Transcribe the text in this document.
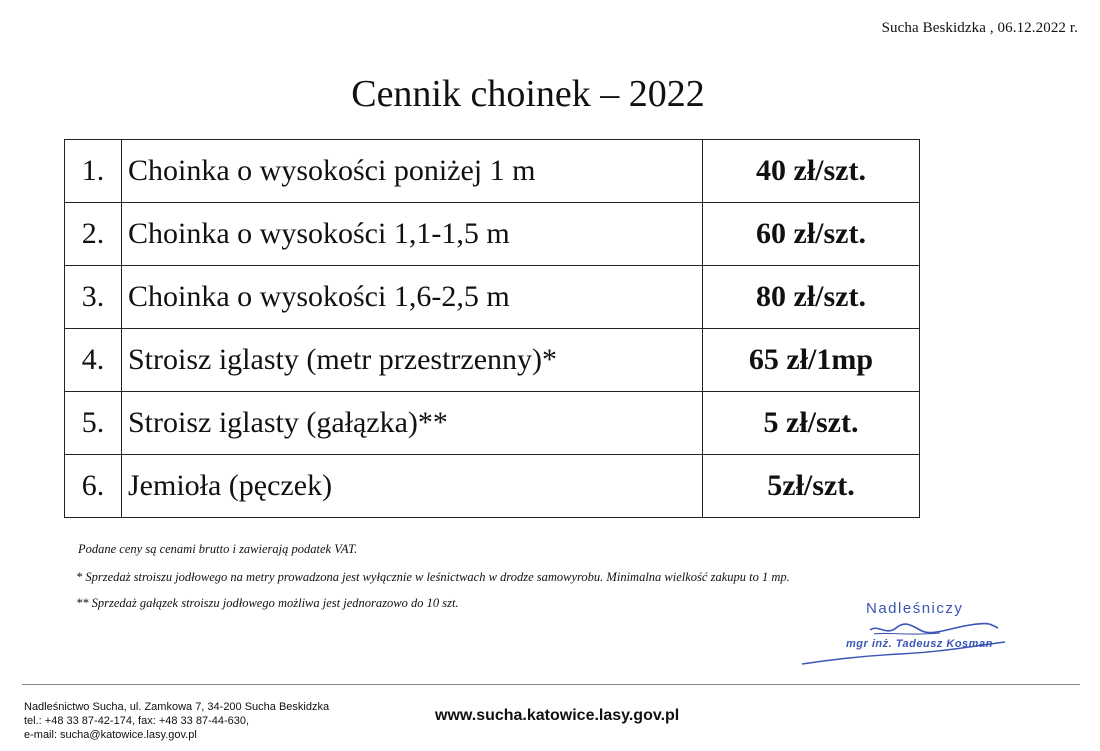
Sucha Beskidzka , 06.12.2022 r.
Cennik choinek – 2022
1.	Choinka o wysokości poniżej 1 m	40 zł/szt.
2.	Choinka o wysokości 1,1-1,5 m	60 zł/szt.
3.	Choinka o wysokości 1,6-2,5 m	80 zł/szt.
4.	Stroisz iglasty (metr przestrzenny)*	65 zł/1mp
5.	Stroisz iglasty (gałązka)**	5 zł/szt.
6.	Jemioła (pęczek)	5zł/szt.
Podane ceny są cenami brutto i zawierają podatek VAT.
* Sprzedaż stroiszu jodłowego na metry prowadzona jest wyłącznie w leśnictwach w drodze samowyrobu. Minimalna wielkość zakupu to 1 mp.
** Sprzedaż gałązek stroiszu jodłowego możliwa jest jednorazowo do 10 szt.	Nadleśniczy
mgr inż. Tadeusz Kosman
Nadleśnictwo Sucha, ul. Zamkowa 7, 34-200 Sucha Beskidzka
tel.: +48 33 87-42-174, fax: +48 33 87-44-630,
e-mail: sucha@katowice.lasy.gov.pl
www.sucha.katowice.lasy.gov.pl
